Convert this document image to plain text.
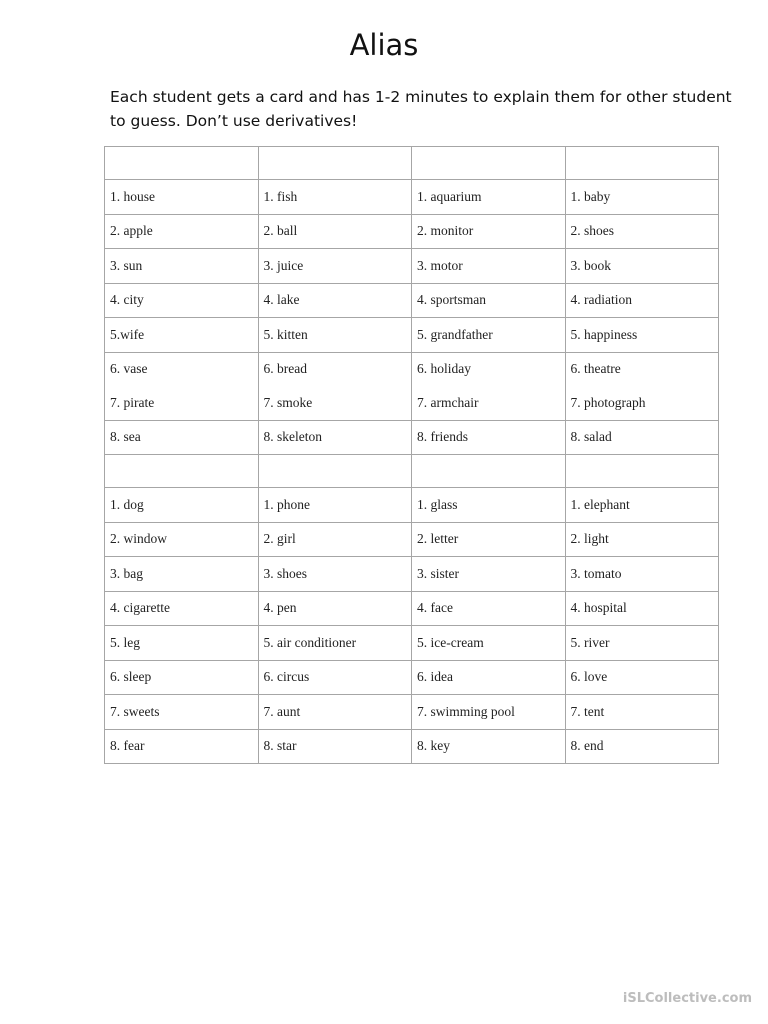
Alias
Each student gets a card and has 1-2 minutes to explain them for other student to guess. Don’t use derivatives!

1. house	1. fish	1. aquarium	1. baby
2. apple	2. ball	2. monitor	2. shoes
3. sun	3. juice	3. motor	3. book
4. city	4. lake	4. sportsman	4. radiation
5.wife	5. kitten	5. grandfather	5. happiness
6. vase	6. bread	6. holiday	6. theatre
7. pirate	7. smoke	7. armchair	7. photograph
8. sea	8. skeleton	8. friends	8. salad

1. dog	1. phone	1. glass	1. elephant
2. window	2. girl	2. letter	2. light
3. bag	3. shoes	3. sister	3. tomato
4. cigarette	4. pen	4. face	4. hospital
5. leg	5. air conditioner	5. ice-cream	5. river
6. sleep	6. circus	6. idea	6. love
7. sweets	7. aunt	7. swimming pool	7. tent
8. fear	8. star	8. key	8. end
iSLCollective.com
